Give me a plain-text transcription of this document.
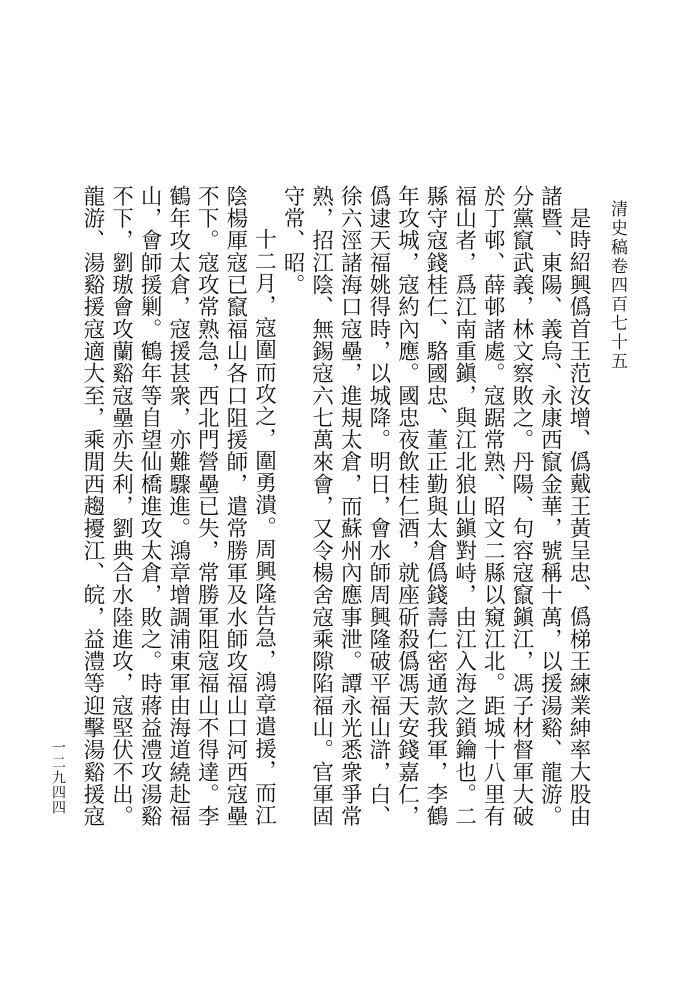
清史稿卷四百七十五

是時紹興僞首王范汝增、僞戴王黃呈忠、僞梯王練業紳率大股由諸暨、東陽、義烏、永康西竄金華，號稱十萬，以援湯谿、龍游。分黨竄武義，林文察敗之。丹陽、句容寇竄鎭江，馮子材督軍大破於丁邨、薛邨諸處。寇踞常熟、昭文二縣以窺江北。距城十八里有福山者，爲江南重鎭，與江北狼山鎭對峙，由江入海之鎖鑰也。二縣守寇錢桂仁、駱國忠、董正勤與太倉僞錢壽仁密通款我軍，李鶴年攻城，寇約內應。國忠夜飲桂仁酒，就座斫殺僞馮天安錢嘉仁，僞逮天福姚得時，以城降。明日，會水師周興隆破平福山滸，白、徐六涇諸海口寇壘，進規太倉，而蘇州內應事泄。譚永光悉衆爭常熟，招江陰、無錫寇六七萬來會，又令楊舍寇乘隙陷福山。官軍固守常、昭。

十二月，寇圍而攻之，圍勇潰。周興隆告急，鴻章遣援，而江陰楊厙寇已竄福山各口阻援師，遣常勝軍及水師攻福山口河西寇壘不下。寇攻常熟急，西北門營壘已失，常勝軍阻寇福山不得達。李鶴年攻太倉，寇援甚衆，亦難驟進。鴻章增調浦東軍由海道繞赴福山，會師援剿。鶴年等自望仙橋進攻太倉，敗之。時蔣益澧攻湯谿不下，劉璈會攻蘭谿寇壘亦失利，劉典合水陸進攻，寇堅伏不出。龍游、湯谿援寇適大至，乘閒西趨擾江、皖，益澧等迎擊湯谿援寇

一二九四四
